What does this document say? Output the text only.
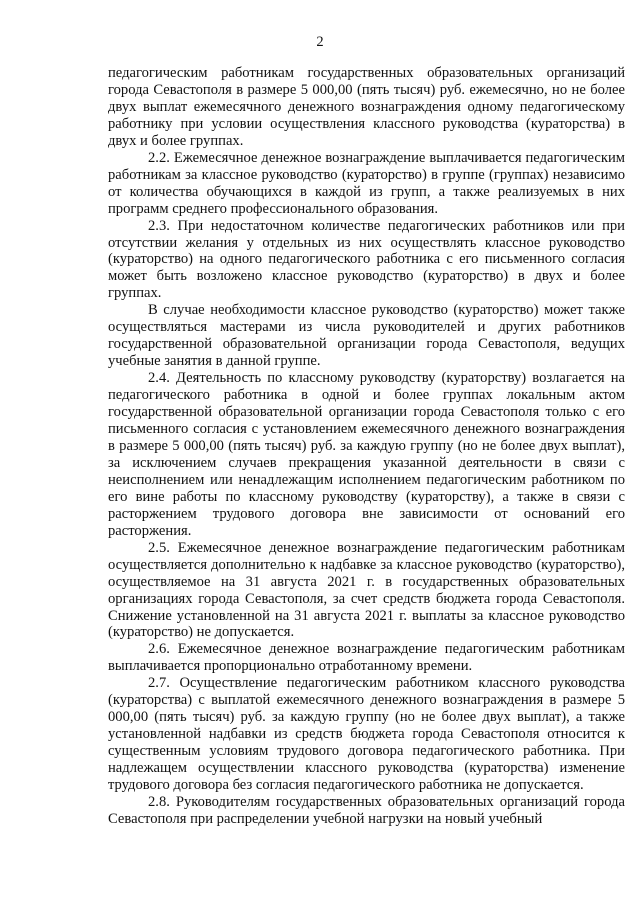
2

педагогическим работникам государственных образовательных организаций города Севастополя в размере 5 000,00 (пять тысяч) руб. ежемесячно, но не более двух выплат ежемесячного денежного вознаграждения одному педагогическому работнику при условии осуществления классного руководства (кураторства) в двух и более группах.

2.2. Ежемесячное денежное вознаграждение выплачивается педагогическим работникам за классное руководство (кураторство) в группе (группах) независимо от количества обучающихся в каждой из групп, а также реализуемых в них программ среднего профессионального образования.

2.3. При недостаточном количестве педагогических работников или при отсутствии желания у отдельных из них осуществлять классное руководство (кураторство) на одного педагогического работника с его письменного согласия может быть возложено классное руководство (кураторство) в двух и более группах.

В случае необходимости классное руководство (кураторство) может также осуществляться мастерами из числа руководителей и других работников государственной образовательной организации города Севастополя, ведущих учебные занятия в данной группе.

2.4. Деятельность по классному руководству (кураторству) возлагается на педагогического работника в одной и более группах локальным актом государственной образовательной организации города Севастополя только с его письменного согласия с установлением ежемесячного денежного вознаграждения в размере 5 000,00 (пять тысяч) руб. за каждую группу (но не более двух выплат), за исключением случаев прекращения указанной деятельности в связи с неисполнением или ненадлежащим исполнением педагогическим работником по его вине работы по классному руководству (кураторству), а также в связи с расторжением трудового договора вне зависимости от оснований его расторжения.

2.5. Ежемесячное денежное вознаграждение педагогическим работникам осуществляется дополнительно к надбавке за классное руководство (кураторство), осуществляемое на 31 августа 2021 г. в государственных образовательных организациях города Севастополя, за счет средств бюджета города Севастополя. Снижение установленной на 31 августа 2021 г. выплаты за классное руководство (кураторство) не допускается.

2.6. Ежемесячное денежное вознаграждение педагогическим работникам выплачивается пропорционально отработанному времени.

2.7. Осуществление педагогическим работником классного руководства (кураторства) с выплатой ежемесячного денежного вознаграждения в размере 5 000,00 (пять тысяч) руб. за каждую группу (но не более двух выплат), а также установленной надбавки из средств бюджета города Севастополя относится к существенным условиям трудового договора педагогического работника. При надлежащем осуществлении классного руководства (кураторства) изменение трудового договора без согласия педагогического работника не допускается.

2.8. Руководителям государственных образовательных организаций города Севастополя при распределении учебной нагрузки на новый учебный
